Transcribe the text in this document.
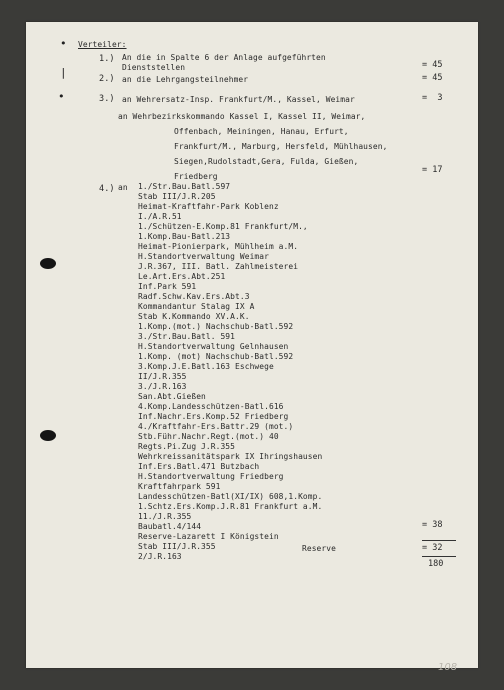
•
|
•
Verteiler:
1.) An die in Spalte 6 der Anlage aufgeführten
Dienststellen	= 45
2.) an die Lehrgangsteilnehmer	= 45
3.) an Wehrersatz-Insp. Frankfurt/M., Kassel, Weimar	=  3
an Wehrbezirkskommando Kassel I, Kassel II, Weimar,
Offenbach, Meiningen, Hanau, Erfurt,
Frankfurt/M., Marburg, Hersfeld, Mühlhausen,
Siegen,Rudolstadt,Gera, Fulda, Gießen,
Friedberg
= 17
4.) an 1./Str.Bau.Batl.597
Stab III/J.R.205
Heimat-Kraftfahr-Park Koblenz
I./A.R.51
1./Schützen-E.Komp.81 Frankfurt/M.,
1.Komp.Bau-Batl.213
Heimat-Pionierpark, Mühlheim a.M.
H.Standortverwaltung Weimar
J.R.367, III. Batl. Zahlmeisterei
Le.Art.Ers.Abt.251
Inf.Park 591
Radf.Schw.Kav.Ers.Abt.3
Kommandantur Stalag IX A
Stab K.Kommando XV.A.K.
1.Komp.(mot.) Nachschub-Batl.592
3./Str.Bau.Batl. 591
H.Standortverwaltung Gelnhausen
1.Komp. (mot) Nachschub-Batl.592
3.Komp.J.E.Batl.163 Eschwege
II/J.R.355
3./J.R.163
San.Abt.Gießen
4.Komp.Landesschützen-Batl.616
Inf.Nachr.Ers.Komp.52 Friedberg
4./Kraftfahr-Ers.Battr.29 (mot.)
Stb.Führ.Nachr.Regt.(mot.) 40
Regts.Pi.Zug J.R.355
Wehrkreissanitätspark IX Ihringshausen
Inf.Ers.Batl.471 Butzbach
H.Standortverwaltung Friedberg
Kraftfahrpark 591
Landesschützen-Batl(XI/IX) 608,1.Komp.
1.Schtz.Ers.Komp.J.R.81 Frankfurt a.M.
11./J.R.355
Baubatl.4/144
Reserve-Lazarett I Königstein
Stab III/J.R.355
2/J.R.163
= 38
Reserve	= 32
180
108
